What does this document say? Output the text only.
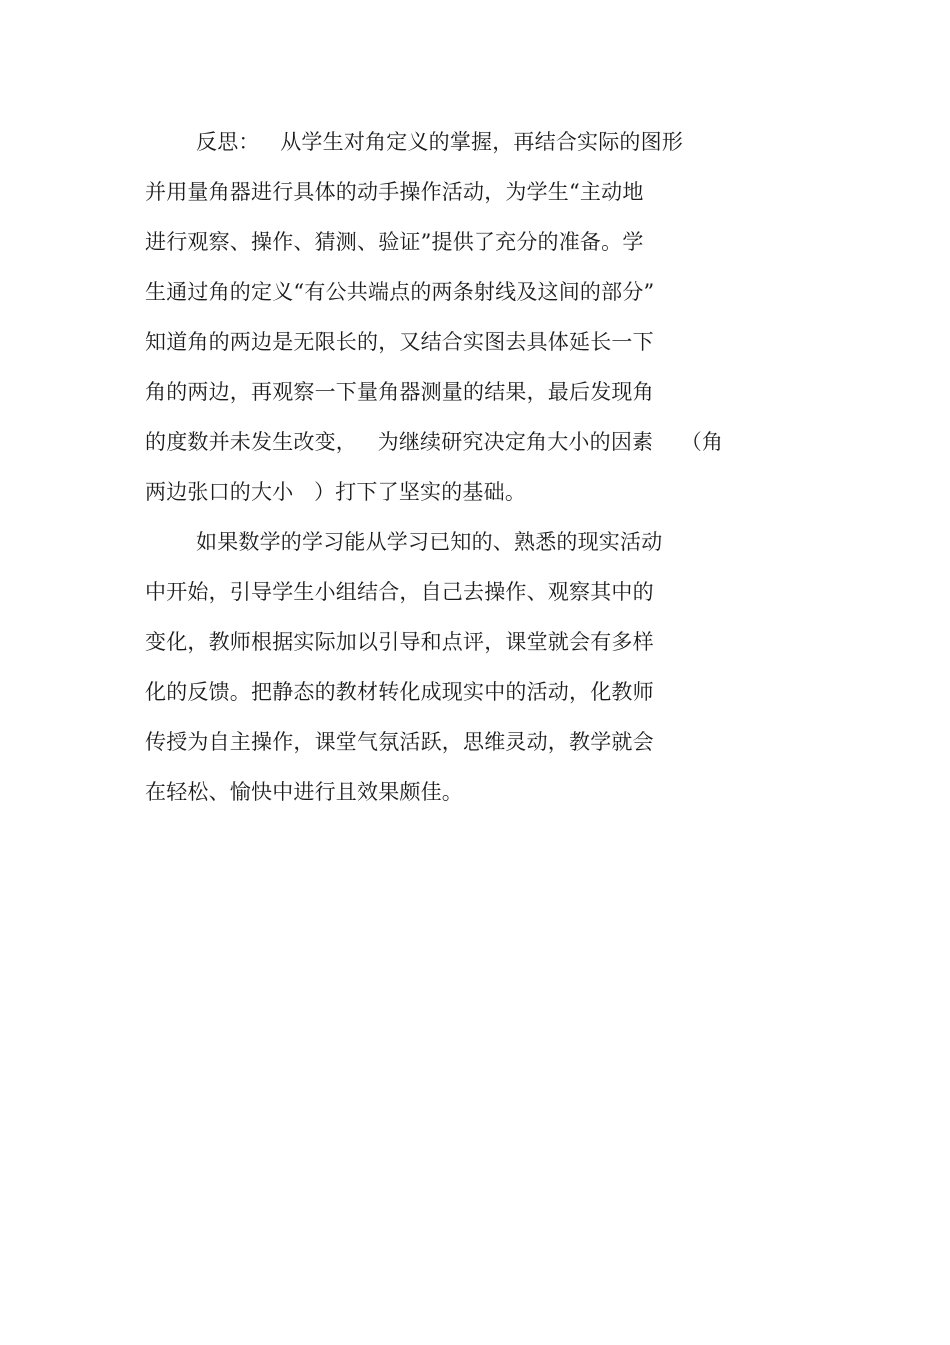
反思：   从学生对角定义的掌握，再结合实际的图形
并用量角器进行具体的动手操作活动，为学生“主动地
进行观察、操作、猜测、验证”提供了充分的准备。学
生通过角的定义“有公共端点的两条射线及这间的部分”
知道角的两边是无限长的，又结合实图去具体延长一下
角的两边，再观察一下量角器测量的结果，最后发现角
的度数并未发生改变，   为继续研究决定角大小的因素    （角
两边张口的大小   ）打下了坚实的基础。
如果数学的学习能从学习已知的、熟悉的现实活动
中开始，引导学生小组结合，自己去操作、观察其中的
变化，教师根据实际加以引导和点评，课堂就会有多样
化的反馈。把静态的教材转化成现实中的活动，化教师
传授为自主操作，课堂气氛活跃，思维灵动，教学就会
在轻松、愉快中进行且效果颇佳。
